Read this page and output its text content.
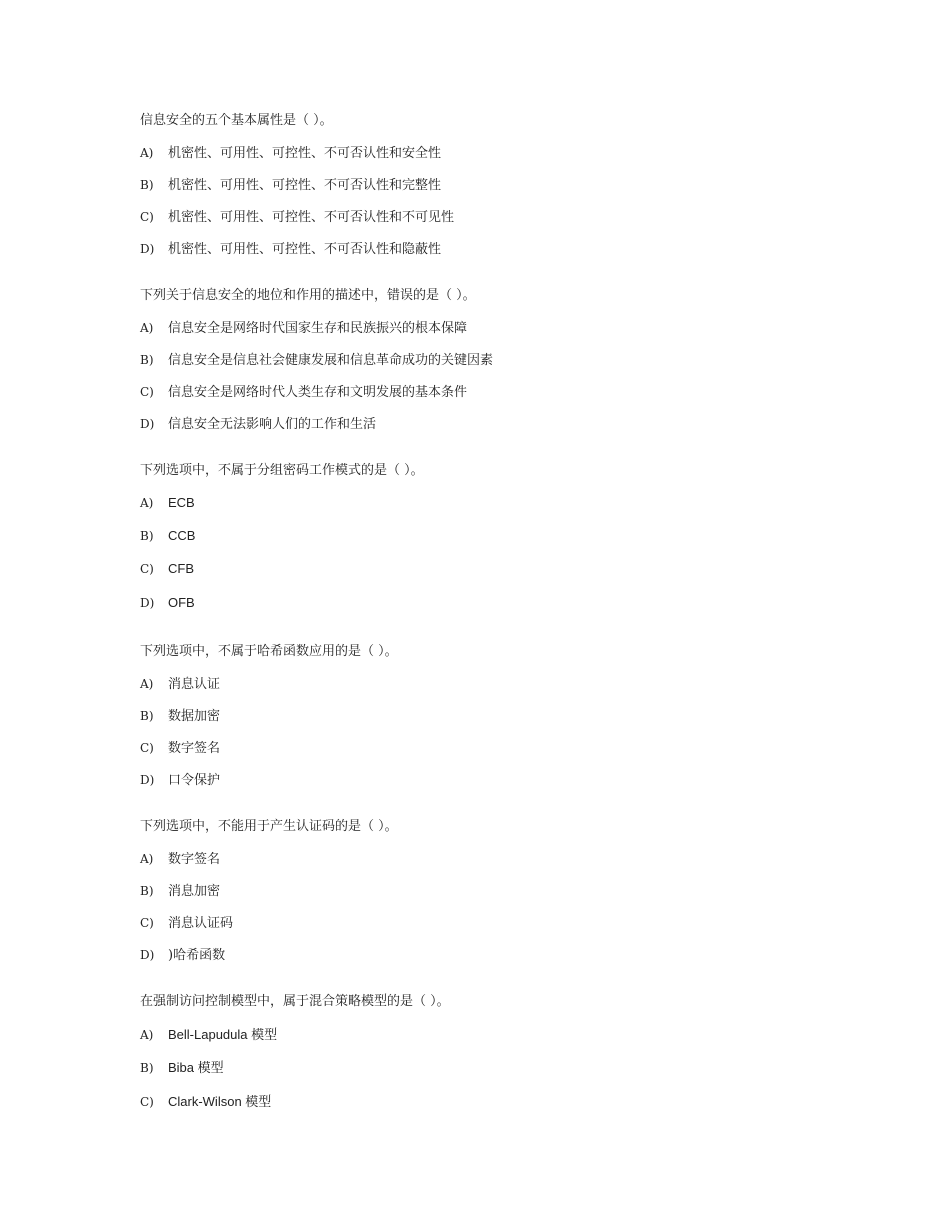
信息安全的五个基本属性是（ ）。
A) 机密性、可用性、可控性、不可否认性和安全性
B) 机密性、可用性、可控性、不可否认性和完整性
C) 机密性、可用性、可控性、不可否认性和不可见性
D) 机密性、可用性、可控性、不可否认性和隐蔽性
下列关于信息安全的地位和作用的描述中，错误的是（ ）。
A) 信息安全是网络时代国家生存和民族振兴的根本保障
B) 信息安全是信息社会健康发展和信息革命成功的关键因素
C) 信息安全是网络时代人类生存和文明发展的基本条件
D) 信息安全无法影响人们的工作和生活
下列选项中，不属于分组密码工作模式的是（ ）。
A) ECB
B) CCB
C) CFB
D) OFB
下列选项中，不属于哈希函数应用的是（ ）。
A) 消息认证
B) 数据加密
C) 数字签名
D) 口令保护
下列选项中，不能用于产生认证码的是（ ）。
A) 数字签名
B) 消息加密
C) 消息认证码
D) )哈希函数
在强制访问控制模型中，属于混合策略模型的是（ ）。
A) Bell-Lapudula 模型
B) Biba 模型
C) Clark-Wilson 模型
